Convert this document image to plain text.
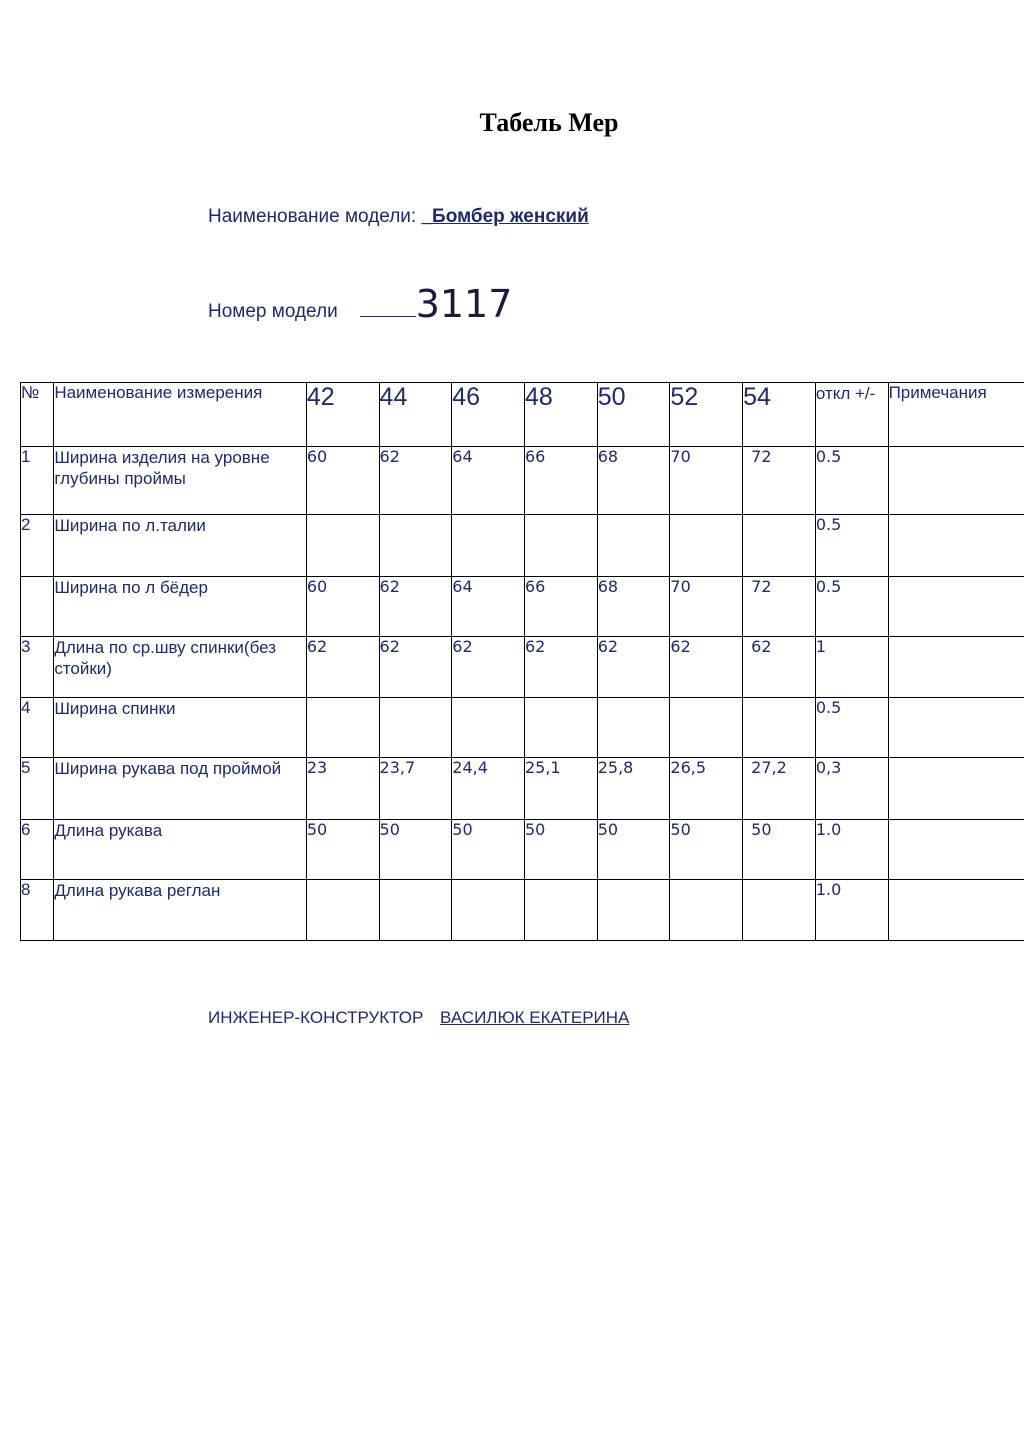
Табель Мер
Наименование модели: _Бомбер женский
Номер модели 3117
№	Наименование измерения	42	44	46	48	50	52	54	откл +/-	Примечания
1	Ширина изделия на уровне глубины проймы	60	62	64	66	68	70	72	0.5	
2	Ширина по л.талии								0.5	
	Ширина по л бёдер	60	62	64	66	68	70	72	0.5	
3	Длина по ср.шву спинки(без стойки)	62	62	62	62	62	62	62	1	
4	Ширина спинки								0.5	
5	Ширина рукава под проймой	23	23,7	24,4	25,1	25,8	26,5	27,2	0,3	
6	Длина рукава	50	50	50	50	50	50	50	1.0	
8	Длина рукава реглан								1.0	
ИНЖЕНЕР-КОНСТРУКТОР ВАСИЛЮК ЕКАТЕРИНА
